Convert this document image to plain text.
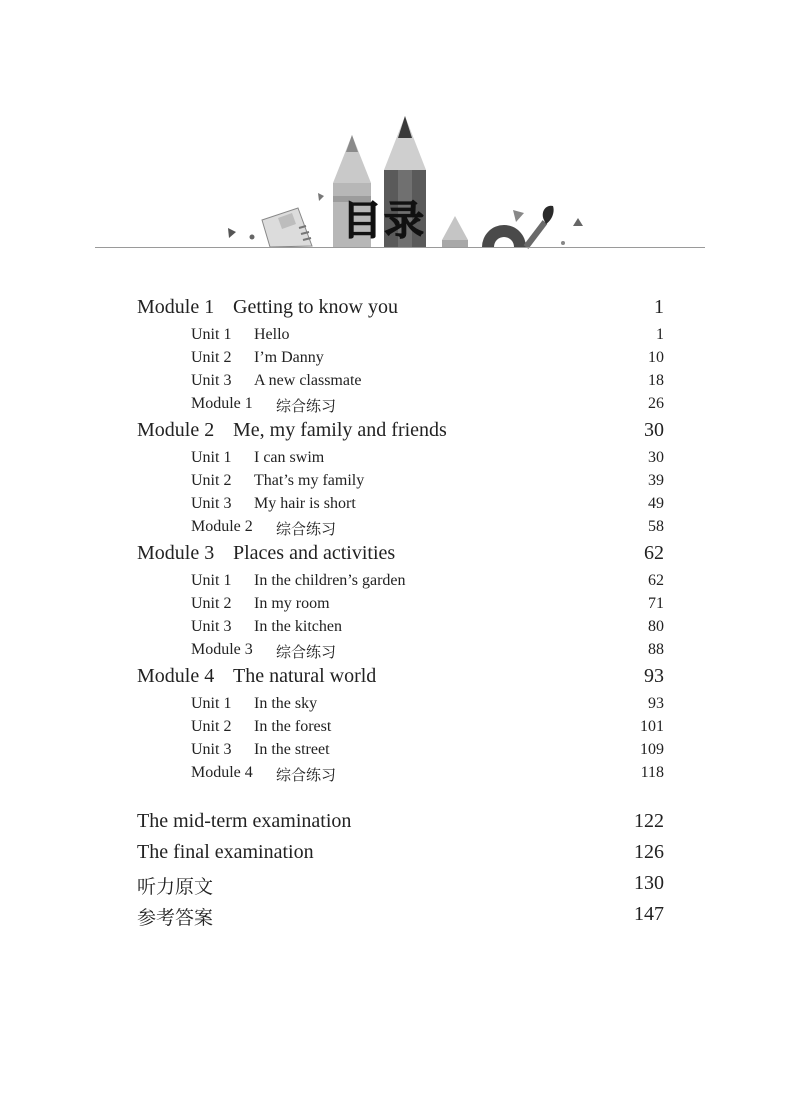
目录
Module 1 Getting to know you	1
Unit 1 Hello	1
Unit 2 I’m Danny	10
Unit 3 A new classmate	18
Module 1 综合练习	26
Module 2 Me, my family and friends	30
Unit 1 I can swim	30
Unit 2 That’s my family	39
Unit 3 My hair is short	49
Module 2 综合练习	58
Module 3 Places and activities	62
Unit 1 In the children’s garden	62
Unit 2 In my room	71
Unit 3 In the kitchen	80
Module 3 综合练习	88
Module 4 The natural world	93
Unit 1 In the sky	93
Unit 2 In the forest	101
Unit 3 In the street	109
Module 4 综合练习	118
The mid-term examination	122
The final examination	126
听力原文	130
参考答案	147
